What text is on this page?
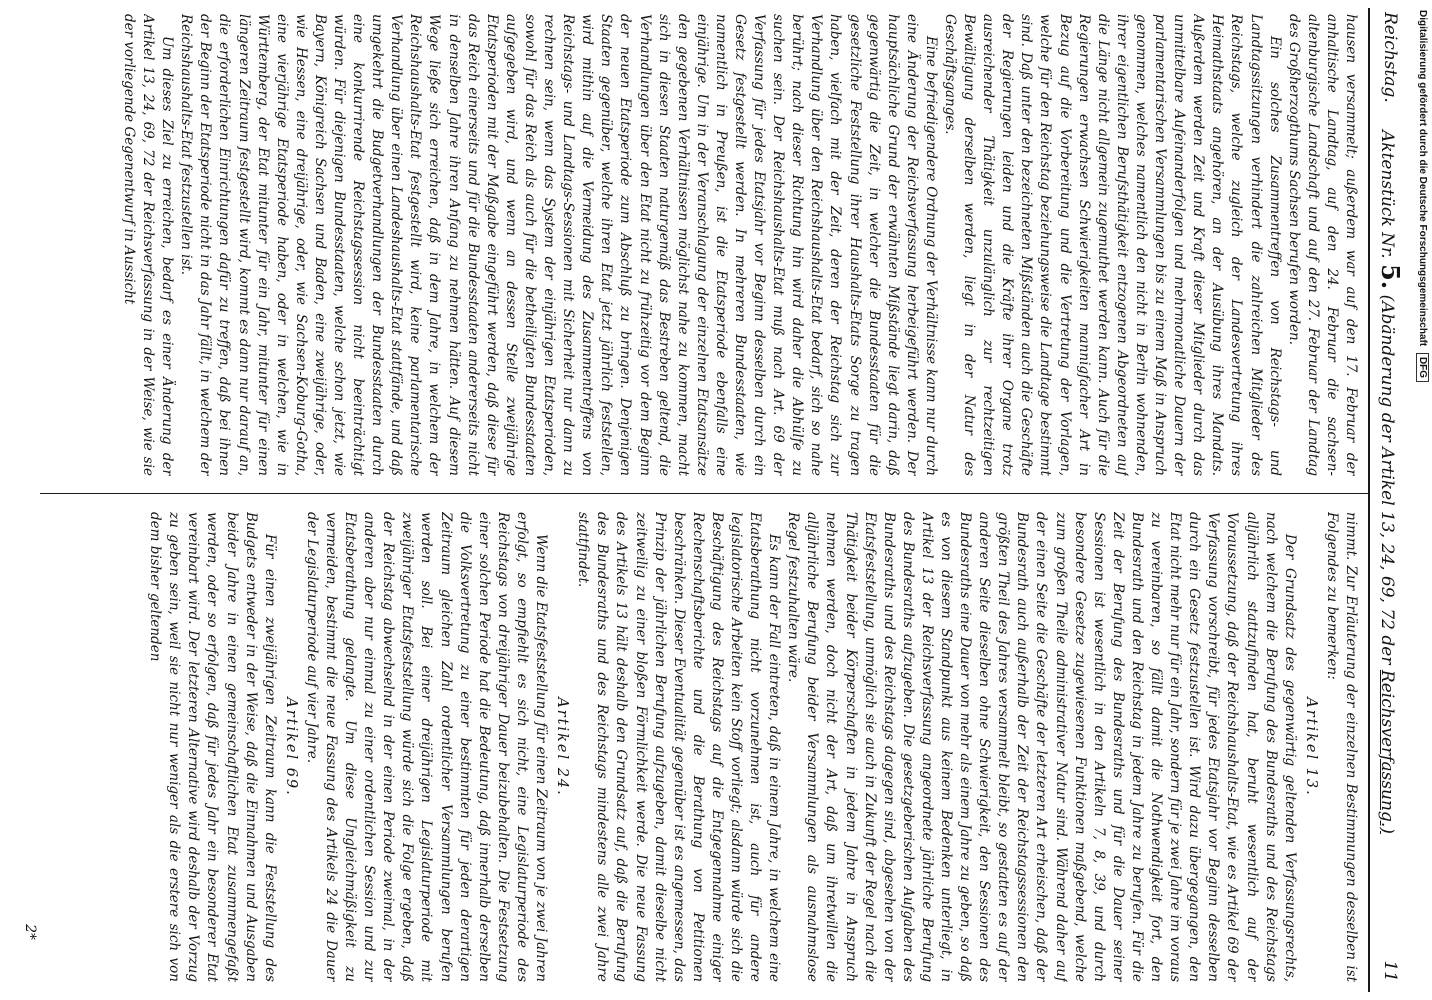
Reichstag.
Aktenstück Nr. 5. (Abänderung der Artikel 13, 24, 69, 72 der Reichsverfassung.)
11

hausen versammelt; außerdem war auf den 17. Februar der anhaltische Landtag, auf den 24. Februar die sachsen-altenburgische Landschaft und auf den 27. Februar der Landtag des Großherzogthums Sachsen berufen worden.

Ein solches Zusammentreffen von Reichstags- und Landtagssitzungen verhindert die zahlreichen Mitglieder des Reichstags, welche zugleich der Landesvertretung ihres Heimathstaats angehören, an der Ausübung ihres Mandats. Außerdem werden Zeit und Kraft dieser Mitglieder durch das unmittelbare Aufeinanderfolgen und mehrmonatliche Dauern der parlamentarischen Versammlungen bis zu einem Maß in Anspruch genommen, welches namentlich den nicht in Berlin wohnenden, ihrer eigentlichen Berufsthätigkeit entzogenen Abgeordneten auf die Länge nicht allgemein zugemuthet werden kann. Auch für die Regierungen erwachsen Schwierigkeiten mannigfacher Art in Bezug auf die Vorbereitung und die Vertretung der Vorlagen, welche für den Reichstag beziehungsweise die Landtage bestimmt sind. Daß unter den bezeichneten Mißständen auch die Geschäfte der Regierungen leiden und die Kräfte ihrer Organe trotz ausreichender Thätigkeit unzulänglich zur rechtzeitigen Bewältigung derselben werden, liegt in der Natur des Geschäftsganges.

Eine befriedigendere Ordnung der Verhältnisse kann nur durch eine Änderung der Reichsverfassung herbeigeführt werden. Der hauptsächliche Grund der erwähnten Mißstände liegt darin, daß gegenwärtig die Zeit, in welcher die Bundesstaaten für die gesetzliche Feststellung ihrer Haushalts-Etats Sorge zu tragen haben, vielfach mit der Zeit, deren der Reichstag sich zur Verhandlung über den Reichshaushalts-Etat bedarf, sich so nahe berührt; nach dieser Richtung hin wird daher die Abhülfe zu suchen sein. Der Reichshaushalts-Etat muß nach Art. 69 der Verfassung für jedes Etatsjahr vor Beginn desselben durch ein Gesetz festgestellt werden. In mehreren Bundesstaaten, wie namentlich in Preußen, ist die Etatsperiode ebenfalls eine einjährige. Um in der Veranschlagung der einzelnen Etatsansätze den gegebenen Verhältnissen möglichst nahe zu kommen, macht sich in diesen Staaten naturgemäß das Bestreben geltend, die Verhandlungen über den Etat nicht zu frühzeitig vor dem Beginn der neuen Etatsperiode zum Abschluß zu bringen. Denjenigen Staaten gegenüber, welche ihren Etat jetzt jährlich feststellen, wird mithin auf die Vermeidung des Zusammentreffens von Reichstags- und Landtags-Sessionen mit Sicherheit nur dann zu rechnen sein, wenn das System der einjährigen Etatsperioden, sowohl für das Reich als auch für die betheiligten Bundesstaaten aufgegeben wird, und wenn an dessen Stelle zweijährige Etatsperioden mit der Maßgabe eingeführt werden, daß diese für das Reich einerseits und für die Bundesstaaten andererseits nicht in denselben Jahre ihren Anfang zu nehmen hätten. Auf diesem Wege ließe sich erreichen, daß in dem Jahre, in welchem der Reichshaushalts-Etat festgestellt wird, keine parlamentarische Verhandlung über einen Landeshaushalts-Etat stattfände, und daß umgekehrt die Budgetverhandlungen der Bundesstaaten durch eine konkurrirende Reichstagssession nicht beeinträchtigt würden. Für diejenigen Bundesstaaten, welche schon jetzt, wie Bayern, Königreich Sachsen und Baden, eine zweijährige, oder, wie Hessen, eine dreijährige, oder, wie Sachsen-Koburg-Gotha, eine vierjährige Etatsperiode haben, oder in welchen, wie in Württemberg, der Etat mitunter für ein Jahr, mitunter für einen längeren Zeitraum festgestellt wird, kommt es dann nur darauf an, die erforderlichen Einrichtungen dafür zu treffen, daß bei ihnen der Beginn der Etatsperiode nicht in das Jahr fällt, in welchem der Reichshaushalts-Etat festzustellen ist.

Um dieses Ziel zu erreichen, bedarf es einer Änderung der Artikel 13, 24, 69, 72 der Reichsverfassung in der Weise, wie sie der vorliegende Gegenentwurf in Aussicht

nimmt. Zur Erläuterung der einzelnen Bestimmungen desselben ist Folgendes zu bemerken:

Artikel 13.

Der Grundsatz des gegenwärtig geltenden Verfassungsrechts, nach welchem die Berufung des Bundesraths und des Reichstags alljährlich stattzufinden hat, beruht wesentlich auf der Voraussetzung, daß der Reichshaushalts-Etat, wie es Artikel 69 der Verfassung vorschreibt, für jedes Etatsjahr vor Beginn desselben durch ein Gesetz festzustellen ist. Wird dazu übergegangen, den Etat nicht mehr nur für ein Jahr, sondern für je zwei Jahre im voraus zu vereinbaren, so fällt damit die Nothwendigkeit fort, den Bundesrath und den Reichstag in jedem Jahre zu berufen. Für die Zeit der Berufung des Bundesraths und für die Dauer seiner Sessionen ist wesentlich in den Artikeln 7, 8, 39, und durch besondere Gesetze zugewiesenen Funktionen maßgebend, welche zum großen Theile administrativer Natur sind. Während daher auf der einen Seite die Geschäfte der letzteren Art erheischen, daß der Bundesrath auch außerhalb der Zeit der Reichstagssessionen den größten Theil des Jahres versammelt bleibt, so gestatten es auf der anderen Seite dieselben ohne Schwierigkeit, den Sessionen des Bundesraths eine Dauer von mehr als einem Jahre zu geben, so daß es von diesem Standpunkt aus keinem Bedenken unterliegt, in Artikel 13 der Reichsverfassung angeordnete jährliche Berufung des Bundesraths aufzugeben. Die gesetzgeberischen Aufgaben des Bundesraths und des Reichstags dagegen sind, abgesehen von der Etatsfeststellung, unmöglich sie auch in Zukunft der Regel nach die Thätigkeit beider Körperschaften in jedem Jahre in Anspruch nehmen werden, doch nicht der Art, daß um ihretwillen die alljährliche Berufung beider Versammlungen als ausnahmslose Regel festzuhalten wäre.

Es kann der Fall eintreten, daß in einem Jahre, in welchem eine Etatsberathung nicht vorzunehmen ist, auch für andere legislatorische Arbeiten kein Stoff vorliegt; alsdann würde sich die Beschäftigung des Reichstags auf die Entgegennahme einiger Rechenschaftsberichte und die Berathung von Petitionen beschränken. Dieser Eventualität gegenüber ist es angemessen, das Prinzip der jährlichen Berufung aufzugeben, damit dieselbe nicht zeitweilig zu einer bloßen Förmlichkeit werde. Die neue Fassung des Artikels 13 hält deshalb den Grundsatz auf, daß die Berufung des Bundesraths und des Reichstags mindestens alle zwei Jahre stattfindet.

Artikel 24.

Wenn die Etatsfeststellung für einen Zeitraum von je zwei Jahren erfolgt, so empfiehlt es sich nicht, eine Legislaturperiode des Reichstags von dreijähriger Dauer beizubehalten. Die Festsetzung einer solchen Periode hat die Bedeutung, daß innerhalb derselben die Volksvertretung zu einer bestimmten für jeden derartigen Zeitraum gleichen Zahl ordentlicher Versammlungen berufen werden soll. Bei einer dreijährigen Legislaturperiode mit zweijähriger Etatsfeststellung würde sich die Folge ergeben, daß der Reichstag abwechselnd in der einen Periode zweimal, in der anderen aber nur einmal zu einer ordentlichen Session und zur Etatsberathung gelangte. Um diese Ungleichmäßigkeit zu vermeiden, bestimmt die neue Fassung des Artikels 24 die Dauer der Legislaturperiode auf vier Jahre.

Artikel 69.

Für einen zweijährigen Zeitraum kann die Feststellung des Budgets entweder in der Weise, daß die Einnahmen und Ausgaben beider Jahre in einen gemeinschaftlichen Etat zusammengefaßt werden, oder so erfolgen, daß für jedes Jahr ein besonderer Etat vereinbart wird. Der letzteren Alternative wird deshalb der Vorzug zu geben sein, weil sie nicht nur weniger als die erstere sich von dem bisher geltenden

2*
Digitalisierung gefördert durch die Deutsche Forschungsgemeinschaft DFG
